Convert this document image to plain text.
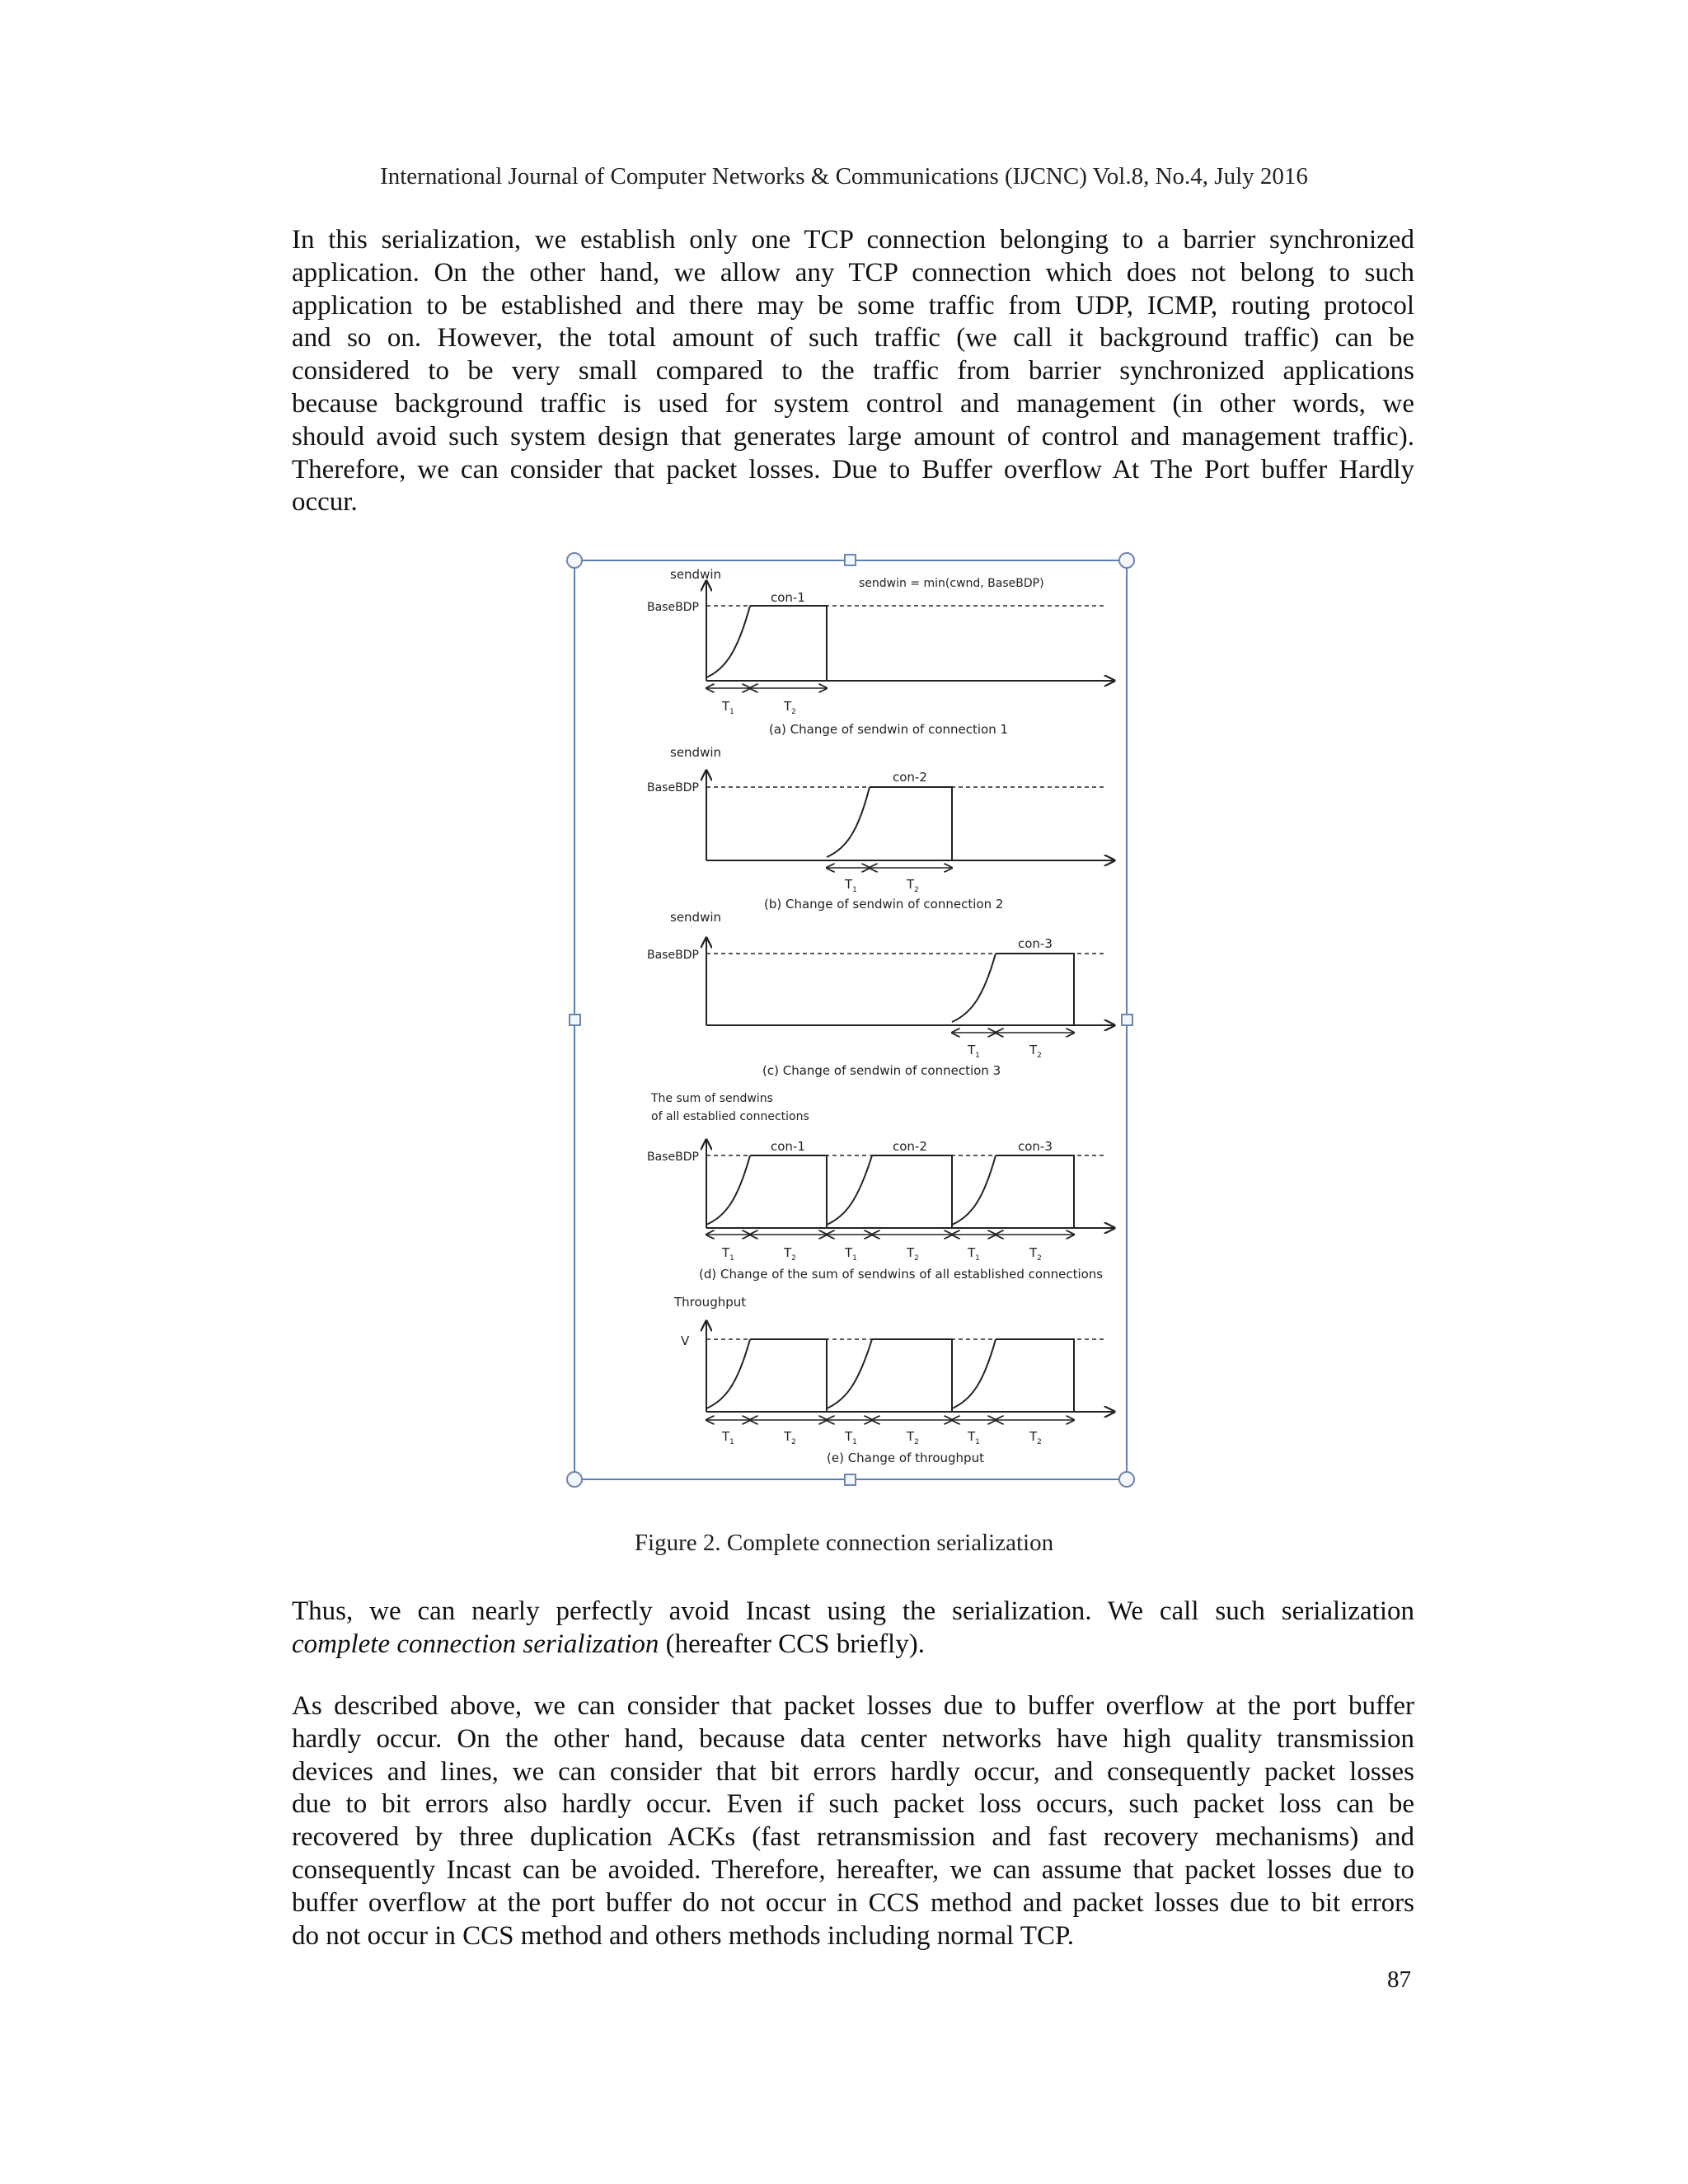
International Journal of Computer Networks & Communications (IJCNC) Vol.8, No.4, July 2016
In this serialization, we establish only one TCP connection belonging to a barrier synchronized
application. On the other hand, we allow any TCP connection which does not belong to such
application to be established and there may be some traffic from UDP, ICMP, routing protocol
and so on. However, the total amount of such traffic (we call it background traffic) can be
considered to be very small compared to the traffic from barrier synchronized applications
because background traffic is used for system control and management (in other words, we
should avoid such system design that generates large amount of control and management traffic).
Therefore, we can consider that packet losses. Due to Buffer overflow At The Port buffer Hardly
occur.
sendwin
sendwin = min(cwnd, BaseBDP)
BaseBDP
con-1
$T_1$	$T_2$
(a) Change of sendwin of connection 1
sendwin
BaseBDP
con-2
$T_1$	$T_2$
(b) Change of sendwin of connection 2
sendwin
BaseBDP
con-3
$T_1$	$T_2$
(c) Change of sendwin of connection 3
The sum of sendwins
of all establied connections
BaseBDP
con-1	con-2	con-3
$T_1$	$T_2$	$T_1$	$T_2$	$T_1$	$T_2$
(d) Change of the sum of sendwins of all established connections
Throughput
V
$T_1$	$T_2$	$T_1$	$T_2$	$T_1$	$T_2$
(e) Change of throughput
Figure 2. Complete connection serialization
Thus, we can nearly perfectly avoid Incast using the serialization. We call such serialization
complete connection serialization (hereafter CCS briefly).
As described above, we can consider that packet losses due to buffer overflow at the port buffer
hardly occur. On the other hand, because data center networks have high quality transmission
devices and lines, we can consider that bit errors hardly occur, and consequently packet losses
due to bit errors also hardly occur. Even if such packet loss occurs, such packet loss can be
recovered by three duplication ACKs (fast retransmission and fast recovery mechanisms) and
consequently Incast can be avoided. Therefore, hereafter, we can assume that packet losses due to
buffer overflow at the port buffer do not occur in CCS method and packet losses due to bit errors
do not occur in CCS method and others methods including normal TCP.
87
